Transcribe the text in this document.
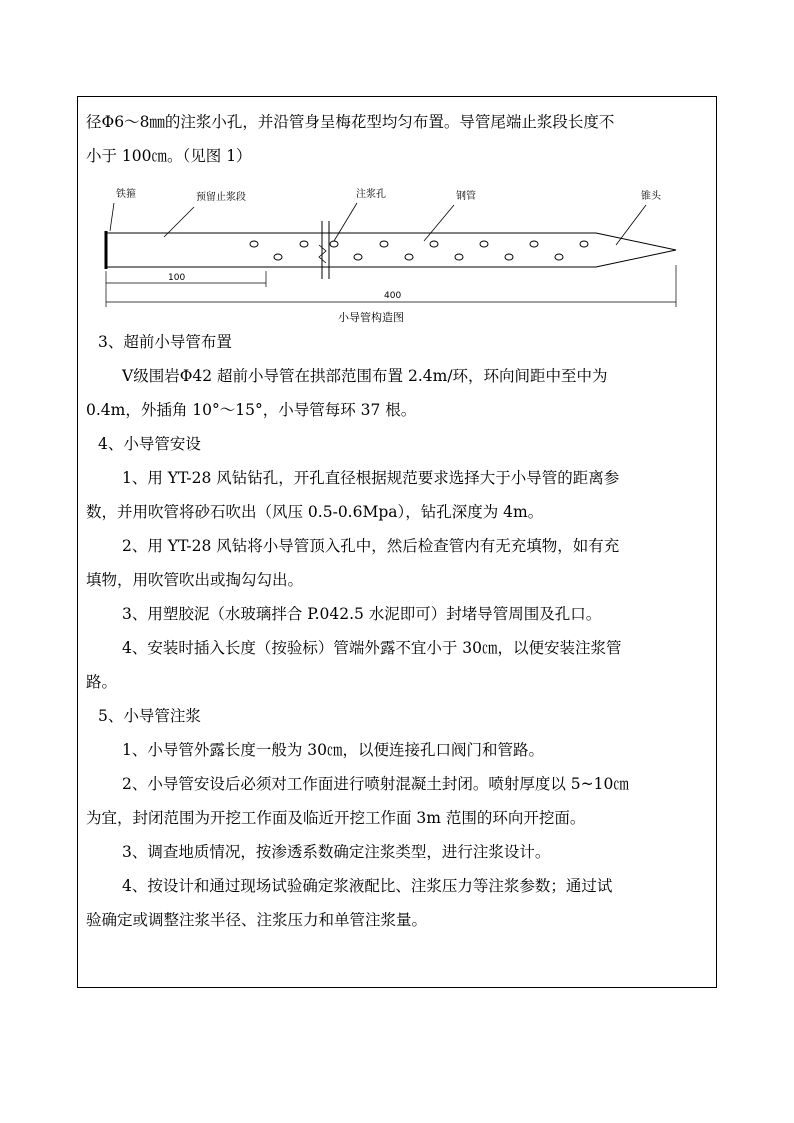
径Φ6～8㎜的注浆小孔，并沿管身呈梅花型均匀布置。导管尾端止浆段长度不
小于 100㎝。（见图 1）
铁箍	预留止浆段	注浆孔	钢管	锥头
100
400
小导管构造图
3、超前小导管布置
Ⅴ级围岩Φ42 超前小导管在拱部范围布置 2.4m/环，环向间距中至中为
0.4m，外插角 10°～15°，小导管每环 37 根。
4、小导管安设
1、用 YT-28 风钻钻孔，开孔直径根据规范要求选择大于小导管的距离参
数，并用吹管将砂石吹出（风压 0.5-0.6Mpa），钻孔深度为 4m。
2、用 YT-28 风钻将小导管顶入孔中，然后检查管内有无充填物，如有充
填物，用吹管吹出或掏勾勾出。
3、用塑胶泥（水玻璃拌合 P.042.5 水泥即可）封堵导管周围及孔口。
4、安装时插入长度（按验标）管端外露不宜小于 30㎝，以便安装注浆管
路。
5、小导管注浆
1、小导管外露长度一般为 30㎝，以便连接孔口阀门和管路。
2、小导管安设后必须对工作面进行喷射混凝土封闭。喷射厚度以 5~10㎝
为宜，封闭范围为开挖工作面及临近开挖工作面 3m 范围的环向开挖面。
3、调查地质情况，按渗透系数确定注浆类型，进行注浆设计。
4、按设计和通过现场试验确定浆液配比、注浆压力等注浆参数；通过试
验确定或调整注浆半径、注浆压力和单管注浆量。
